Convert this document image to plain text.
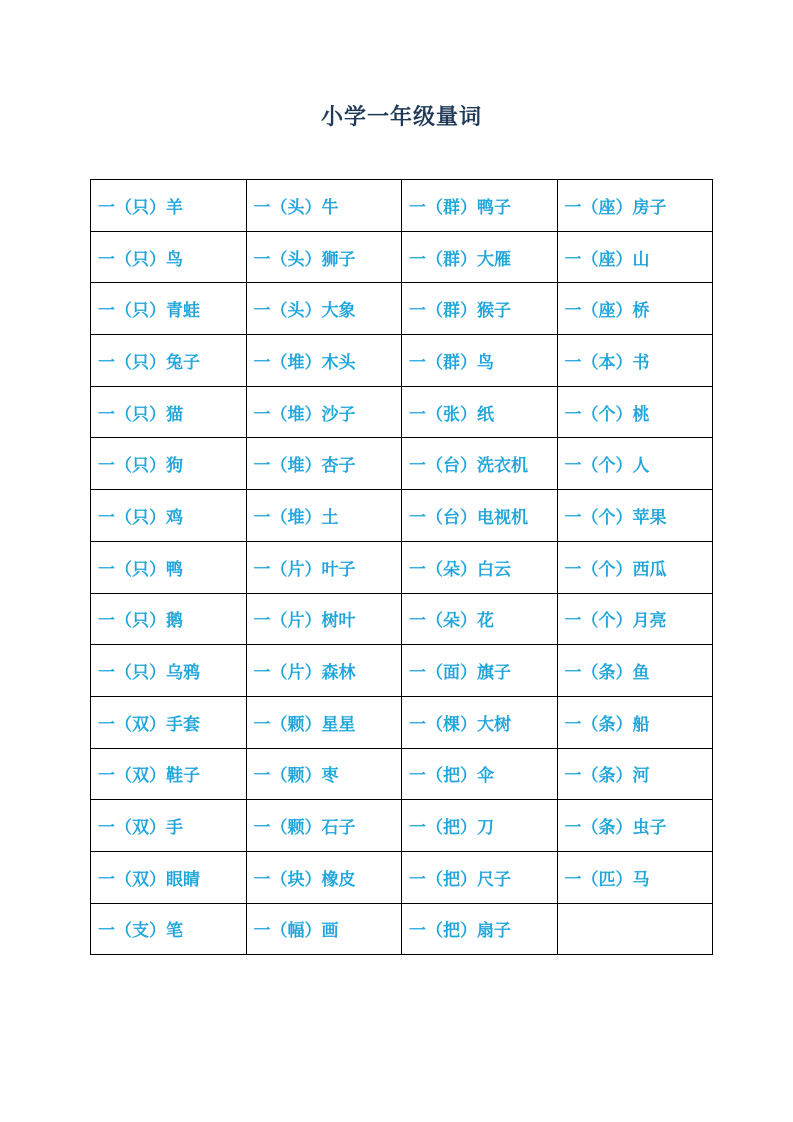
小学一年级量词
一（只）羊	一（头）牛	一（群）鸭子	一（座）房子
一（只）鸟	一（头）狮子	一（群）大雁	一（座）山
一（只）青蛙	一（头）大象	一（群）猴子	一（座）桥
一（只）兔子	一（堆）木头	一（群）鸟	一（本）书
一（只）猫	一（堆）沙子	一（张）纸	一（个）桃
一（只）狗	一（堆）杏子	一（台）洗衣机	一（个）人
一（只）鸡	一（堆）土	一（台）电视机	一（个）苹果
一（只）鸭	一（片）叶子	一（朵）白云	一（个）西瓜
一（只）鹅	一（片）树叶	一（朵）花	一（个）月亮
一（只）乌鸦	一（片）森林	一（面）旗子	一（条）鱼
一（双）手套	一（颗）星星	一（棵）大树	一（条）船
一（双）鞋子	一（颗）枣	一（把）伞	一（条）河
一（双）手	一（颗）石子	一（把）刀	一（条）虫子
一（双）眼睛	一（块）橡皮	一（把）尺子	一（匹）马
一（支）笔	一（幅）画	一（把）扇子	
